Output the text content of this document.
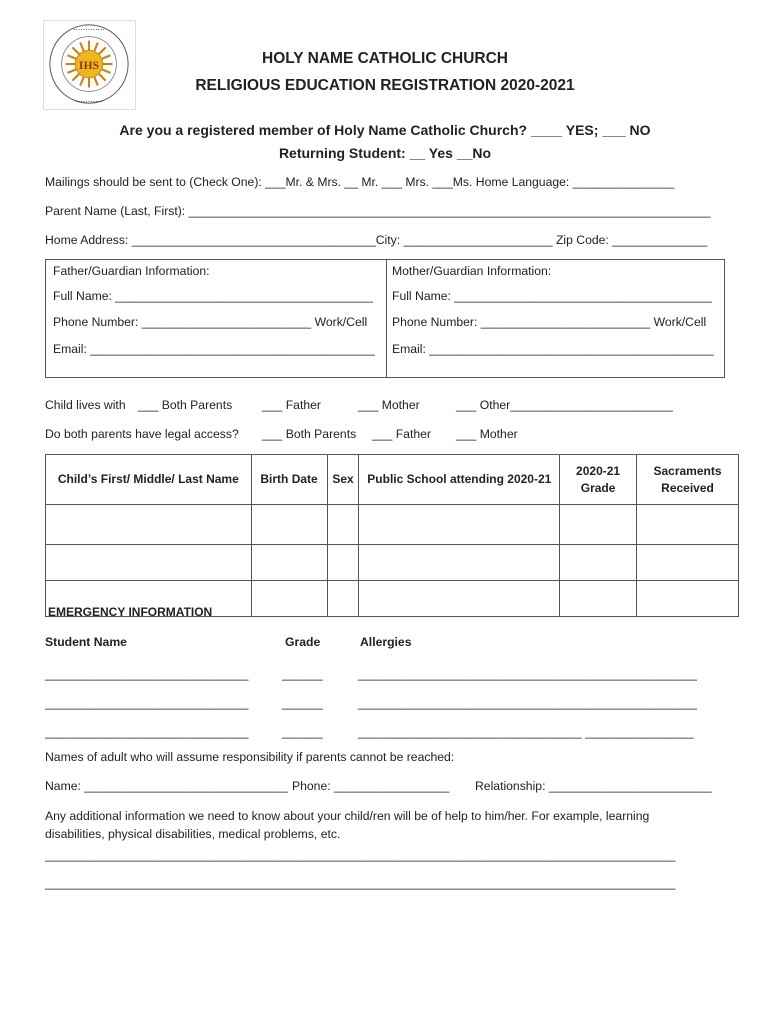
IHS
• • • • • • • • • • • • •
• • • • • • • • • • •
HOLY NAME CATHOLIC CHURCH
RELIGIOUS EDUCATION REGISTRATION 2020-2021
Are you a registered member of Holy Name Catholic Church? ____ YES; ___ NO
Returning Student: __ Yes __No
Mailings should be sent to (Check One): ___Mr. & Mrs. __ Mr. ___ Mrs. ___Ms. Home Language: _______________
Parent Name (Last, First): _____________________________________________________________________________
Home Address: ____________________________________City: ______________________ Zip Code: ______________
Father/Guardian Information:
Full Name: ______________________________________
Phone Number: _________________________ Work/Cell
Email: __________________________________________
Mother/Guardian Information:
Full Name: ______________________________________
Phone Number: _________________________ Work/Cell
Email: __________________________________________
Child lives with ___ Both Parents ___ Father	___ Mother	___ Other________________________
Do both parents have legal access? ___ Both Parents ___ Father ___ Mother
Child’s First/ Middle/ Last Name	Birth Date	Sex	Public School attending 2020-21	2020-21 Grade	Sacraments Received

EMERGENCY INFORMATION
Student Name	Grade	Allergies
______________________________	______	__________________________________________________
______________________________	______	__________________________________________________
______________________________	______	_________________________________ ________________
Names of adult who will assume responsibility if parents cannot be reached:
Name: ______________________________ Phone: _________________ Relationship: ________________________
Any additional information we need to know about your child/ren will be of help to him/her. For example, learning
disabilities, physical disabilities, medical problems, etc.
_____________________________________________________________________________________________
_____________________________________________________________________________________________
